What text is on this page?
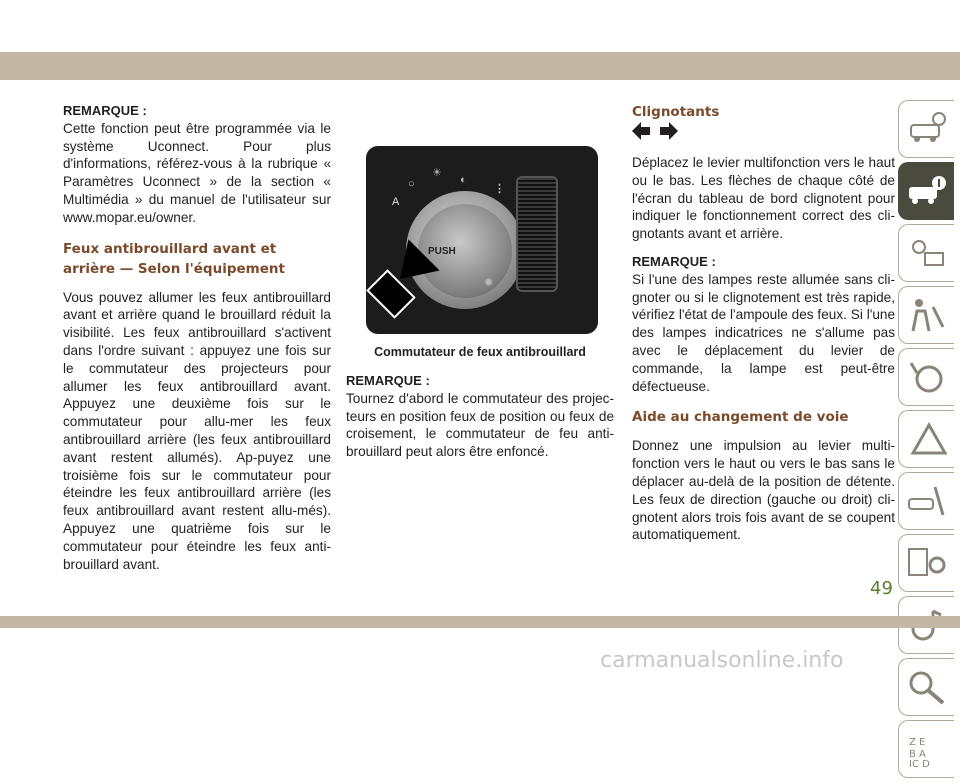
REMARQUE :

Cette fonction peut être programmée via le système Uconnect. Pour plus d'informations, référez-vous à la rubrique « Paramètres Uconnect » de la section « Multimédia » du manuel de l'utilisateur sur www.mopar.eu/owner.

Feux antibrouillard avant et arrière — Selon l'équipement

Vous pouvez allumer les feux antibrouillard avant et arrière quand le brouillard réduit la visibilité. Les feux antibrouillard s'activent dans l'ordre suivant : appuyez une fois sur le commutateur des projecteurs pour allumer les feux antibrouillard avant. Appuyez une deuxième fois sur le commutateur pour allu-mer les feux antibrouillard arrière (les feux antibrouillard avant restent allumés). Ap-puyez une troisième fois sur le commutateur pour éteindre les feux antibrouillard arrière (les feux antibrouillard avant restent allu-més). Appuyez une quatrième fois sur le commutateur pour éteindre les feux anti-brouillard avant.

PUSH
A
○
☀
◐
⋮
✺
Commutateur de feux antibrouillard
REMARQUE :

Tournez d'abord le commutateur des projec-teurs en position feux de position ou feux de croisement, le commutateur de feu anti-brouillard peut alors être enfoncé.

Clignotants

Déplacez le levier multifonction vers le haut ou le bas. Les flèches de chaque côté de l'écran du tableau de bord clignotent pour indiquer le fonctionnement correct des cli-gnotants avant et arrière.

REMARQUE :

Si l'une des lampes reste allumée sans cli-gnoter ou si le clignotement est très rapide, vérifiez l'état de l'ampoule des feux. Si l'une des lampes indicatrices ne s'allume pas avec le déplacement du levier de commande, la lampe est peut-être défectueuse.

Aide au changement de voie

Donnez une impulsion au levier multi-fonction vers le haut ou vers le bas sans le déplacer au-delà de la position de détente. Les feux de direction (gauche ou droit) cli-gnotent alors trois fois avant de se coupent automatiquement.

Z E
B A
IC D
49
carmanualsonline.info
